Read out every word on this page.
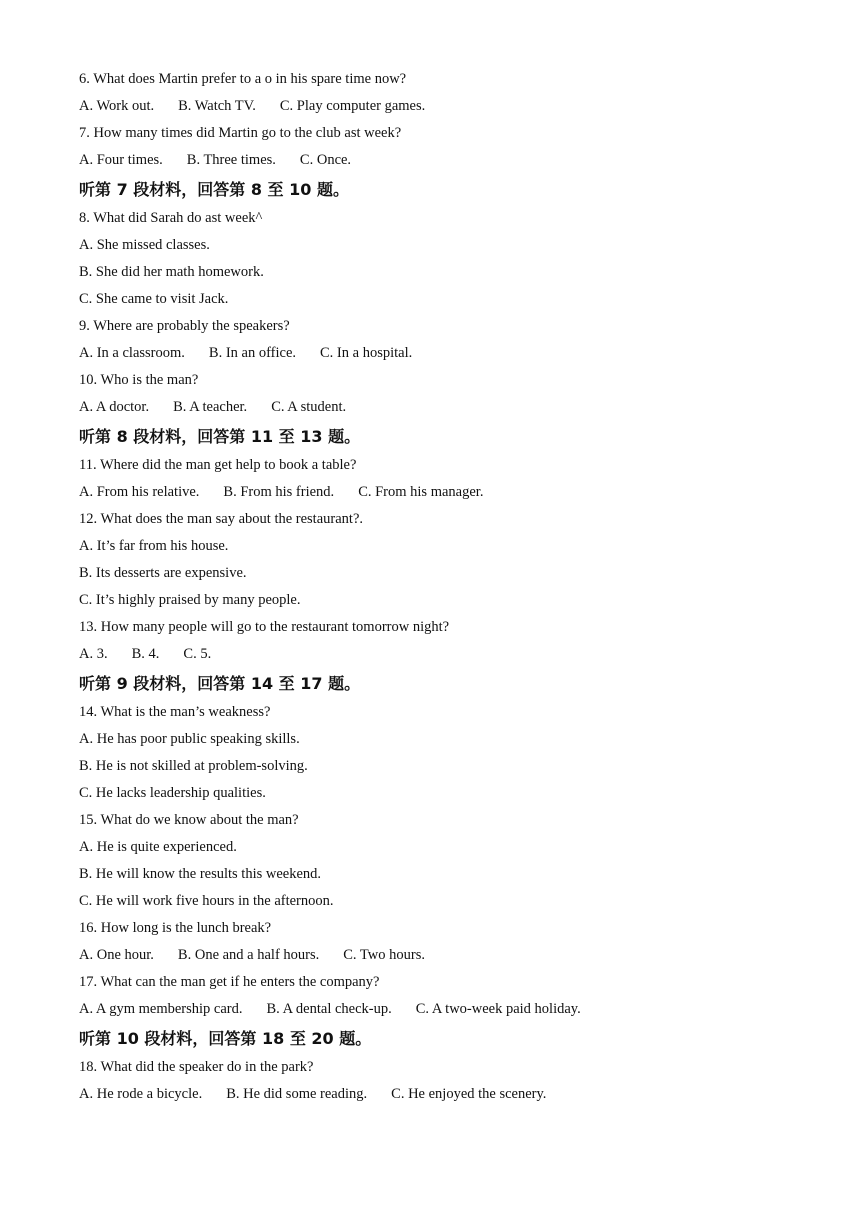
6. What does Martin prefer to a o in his spare time now?
A. Work out. B. Watch TV. C. Play computer games.
7. How many times did Martin go to the club ast week?
A. Four times. B. Three times. C. Once.
听第 7 段材料，回答第 8 至 10 题。
8. What did Sarah do ast week^
A. She missed classes.
B. She did her math homework.
C. She came to visit Jack.
9. Where are probably the speakers?
A. In a classroom. B. In an office. C. In a hospital.
10. Who is the man?
A. A doctor. B. A teacher. C. A student.
听第 8 段材料，回答第 11 至 13 题。
11. Where did the man get help to book a table?
A. From his relative. B. From his friend. C. From his manager.
12. What does the man say about the restaurant?.
A. It’s far from his house.
B. Its desserts are expensive.
C. It’s highly praised by many people.
13. How many people will go to the restaurant tomorrow night?
A. 3. B. 4. C. 5.
听第 9 段材料，回答第 14 至 17 题。
14. What is the man’s weakness?
A. He has poor public speaking skills.
B. He is not skilled at problem-solving.
C. He lacks leadership qualities.
15. What do we know about the man?
A. He is quite experienced.
B. He will know the results this weekend.
C. He will work five hours in the afternoon.
16. How long is the lunch break?
A. One hour. B. One and a half hours. C. Two hours.
17. What can the man get if he enters the company?
A. A gym membership card. B. A dental check-up. C. A two-week paid holiday.
听第 10 段材料，回答第 18 至 20 题。
18. What did the speaker do in the park?
A. He rode a bicycle. B. He did some reading. C. He enjoyed the scenery.
